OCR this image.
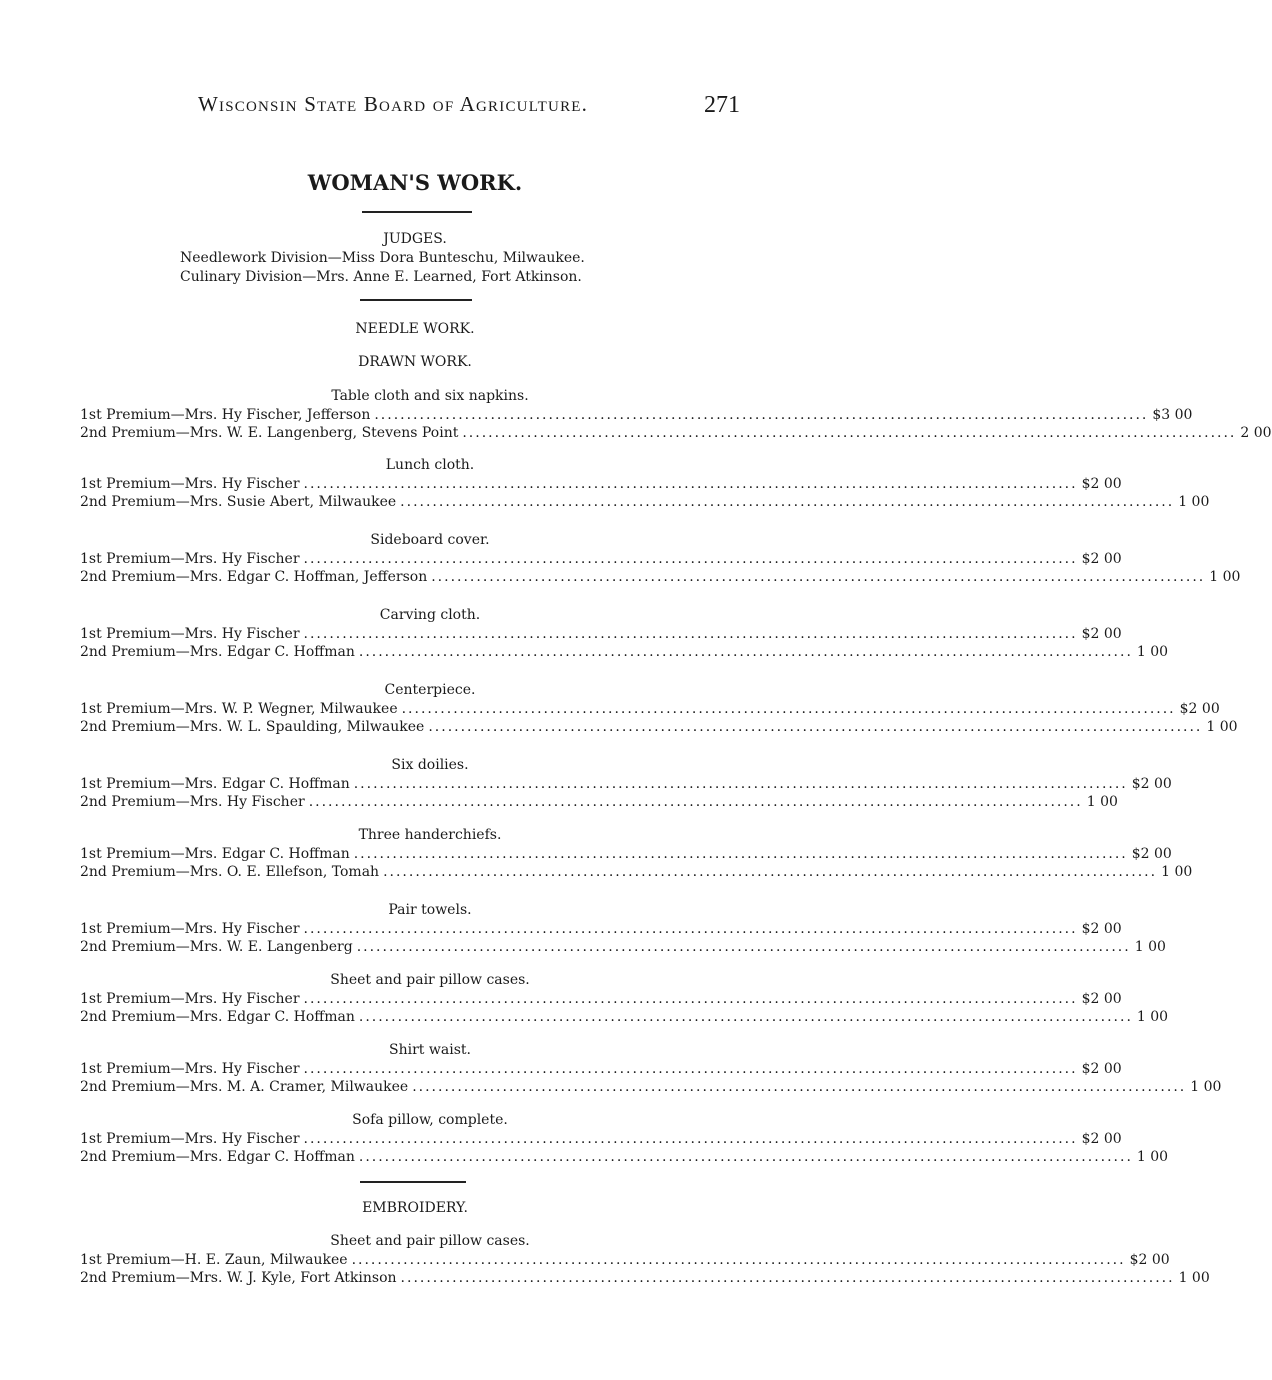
Wisconsin State Board of Agriculture.	271
WOMAN'S WORK.
JUDGES.
Needlework Division—Miss Dora Bunteschu, Milwaukee.
Culinary Division—Mrs. Anne E. Learned, Fort Atkinson.
NEEDLE WORK.
DRAWN WORK.
Table cloth and six napkins.
1st Premium — Mrs. Hy Fischer, Jefferson ........................................................................................................................ $3 00
2nd Premium — Mrs. W. E. Langenberg, Stevens Point ........................................................................................................................ 2 00
Lunch cloth.
1st Premium — Mrs. Hy Fischer ........................................................................................................................ $2 00
2nd Premium — Mrs. Susie Abert, Milwaukee ........................................................................................................................ 1 00
Sideboard cover.
1st Premium — Mrs. Hy Fischer ........................................................................................................................ $2 00
2nd Premium — Mrs. Edgar C. Hoffman, Jefferson ........................................................................................................................ 1 00
Carving cloth.
1st Premium — Mrs. Hy Fischer ........................................................................................................................ $2 00
2nd Premium — Mrs. Edgar C. Hoffman ........................................................................................................................ 1 00
Centerpiece.
1st Premium — Mrs. W. P. Wegner, Milwaukee ........................................................................................................................ $2 00
2nd Premium — Mrs. W. L. Spaulding, Milwaukee ........................................................................................................................ 1 00
Six doilies.
1st Premium — Mrs. Edgar C. Hoffman ........................................................................................................................ $2 00
2nd Premium — Mrs. Hy Fischer ........................................................................................................................ 1 00
Three handerchiefs.
1st Premium — Mrs. Edgar C. Hoffman ........................................................................................................................ $2 00
2nd Premium — Mrs. O. E. Ellefson, Tomah ........................................................................................................................ 1 00
Pair towels.
1st Premium — Mrs. Hy Fischer ........................................................................................................................ $2 00
2nd Premium — Mrs. W. E. Langenberg ........................................................................................................................ 1 00
Sheet and pair pillow cases.
1st Premium — Mrs. Hy Fischer ........................................................................................................................ $2 00
2nd Premium — Mrs. Edgar C. Hoffman ........................................................................................................................ 1 00
Shirt waist.
1st Premium — Mrs. Hy Fischer ........................................................................................................................ $2 00
2nd Premium — Mrs. M. A. Cramer, Milwaukee ........................................................................................................................ 1 00
Sofa pillow, complete.
1st Premium — Mrs. Hy Fischer ........................................................................................................................ $2 00
2nd Premium — Mrs. Edgar C. Hoffman ........................................................................................................................ 1 00
EMBROIDERY.
Sheet and pair pillow cases.
1st Premium — H. E. Zaun, Milwaukee ........................................................................................................................ $2 00
2nd Premium — Mrs. W. J. Kyle, Fort Atkinson ........................................................................................................................ 1 00
